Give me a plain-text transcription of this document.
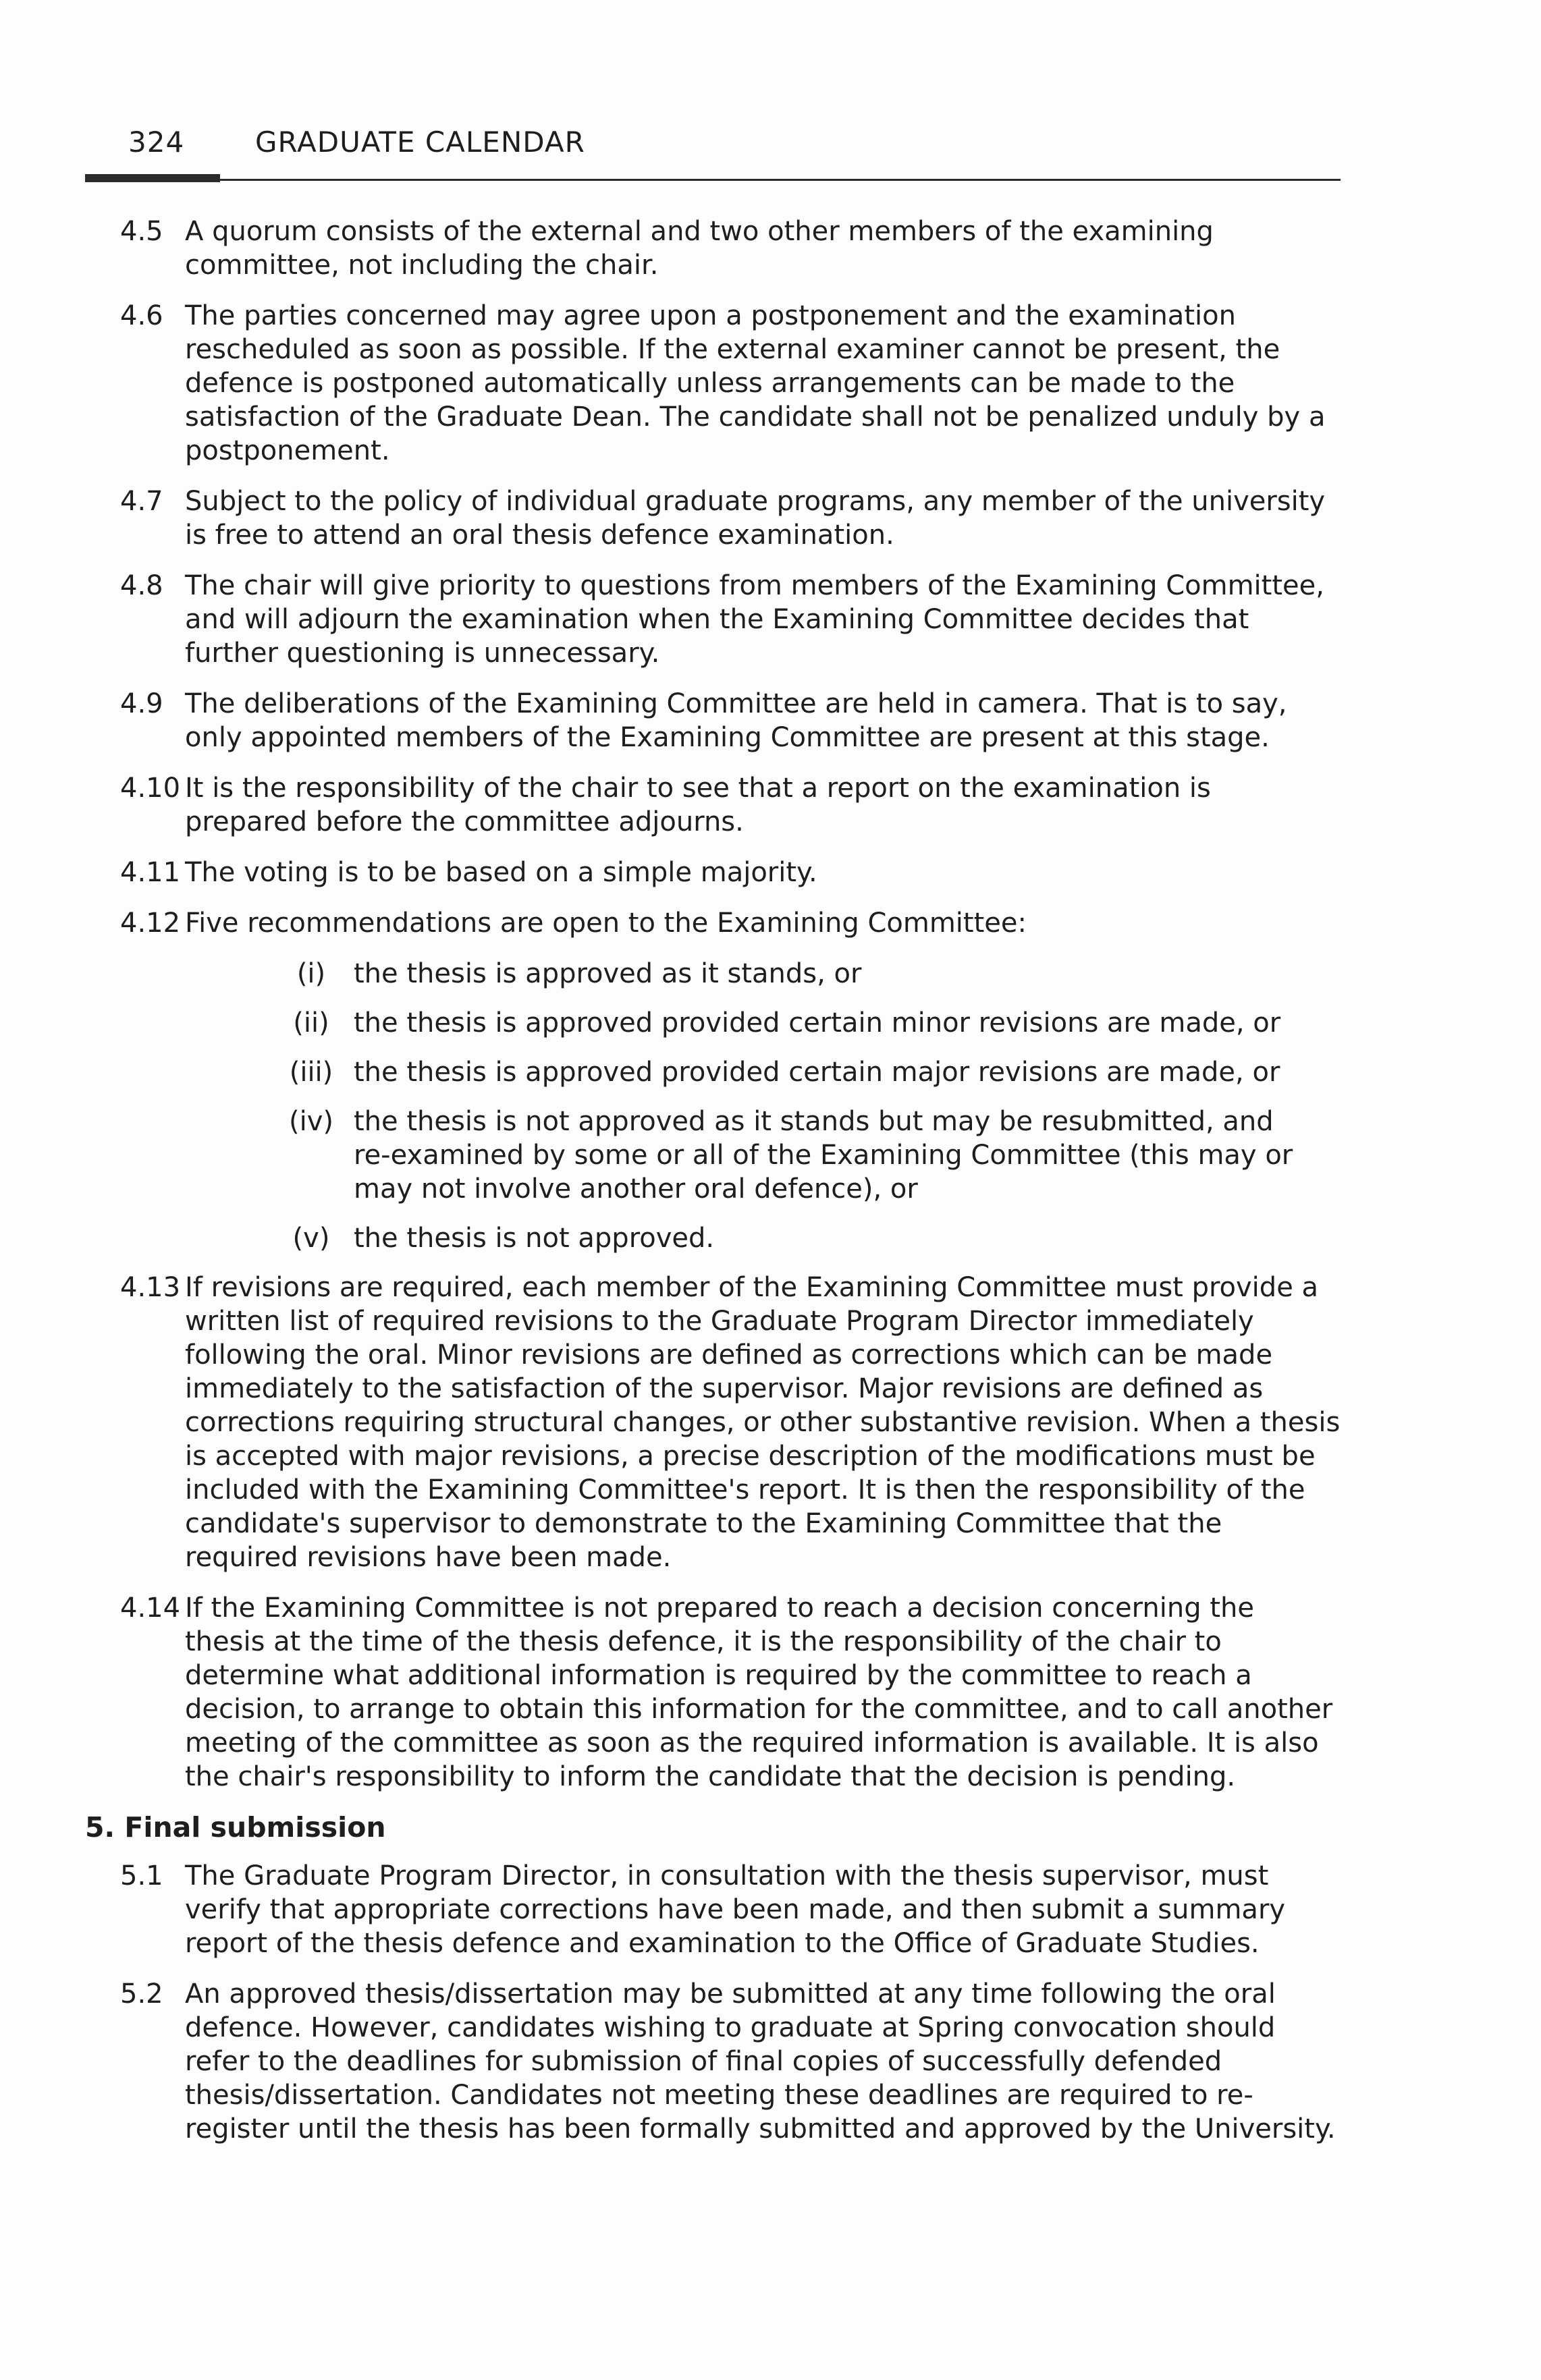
324 GRADUATE CALENDAR
4.5 A quorum consists of the external and two other members of the examining committee, not including the chair.

4.6 The parties concerned may agree upon a postponement and the examination rescheduled as soon as possible. If the external examiner cannot be present, the defence is postponed automatically unless arrangements can be made to the satisfaction of the Graduate Dean. The candidate shall not be penalized unduly by a postponement.

4.7 Subject to the policy of individual graduate programs, any member of the university is free to attend an oral thesis defence examination.

4.8 The chair will give priority to questions from members of the Examining Committee, and will adjourn the examination when the Examining Committee decides that further questioning is unnecessary.

4.9 The deliberations of the Examining Committee are held in camera. That is to say, only appointed members of the Examining Committee are present at this stage.

4.10 It is the responsibility of the chair to see that a report on the examination is prepared before the committee adjourns.

4.11 The voting is to be based on a simple majority.

4.12 Five recommendations are open to the Examining Committee:

(i)	the thesis is approved as it stands, or

(ii) the thesis is approved provided certain minor revisions are made, or

(iii) the thesis is approved provided certain major revisions are made, or

(iv) the thesis is not approved as it stands but may be resubmitted, and re-examined by some or all of the Examining Committee (this may or may not involve another oral defence), or

(v) the thesis is not approved.

4.13 If revisions are required, each member of the Examining Committee must provide a written list of required revisions to the Graduate Program Director immediately following the oral. Minor revisions are defined as corrections which can be made immediately to the satisfaction of the supervisor. Major revisions are defined as corrections requiring structural changes, or other substantive revision. When a thesis is accepted with major revisions, a precise description of the modifications must be included with the Examining Committee's report. It is then the responsibility of the candidate's supervisor to demonstrate to the Examining Committee that the required revisions have been made.

4.14 If the Examining Committee is not prepared to reach a decision concerning the thesis at the time of the thesis defence, it is the responsibility of the chair to determine what additional information is required by the committee to reach a decision, to arrange to obtain this information for the committee, and to call another meeting of the committee as soon as the required information is available. It is also the chair's responsibility to inform the candidate that the decision is pending.

5. Final submission
5.1 The Graduate Program Director, in consultation with the thesis supervisor, must verify that appropriate corrections have been made, and then submit a summary report of the thesis defence and examination to the Office of Graduate Studies.

5.2 An approved thesis/dissertation may be submitted at any time following the oral defence. However, candidates wishing to graduate at Spring convocation should refer to the deadlines for submission of final copies of successfully defended thesis/dissertation. Candidates not meeting these deadlines are required to re-register until the thesis has been formally submitted and approved by the University.
